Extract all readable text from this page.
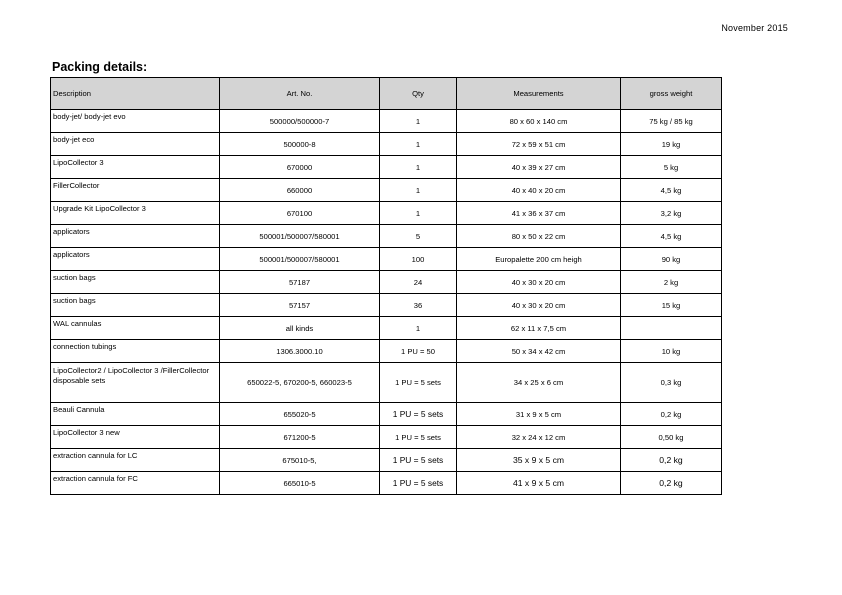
November 2015
Packing details:
Description	Art. No.	Qty	Measurements	gross weight
body-jet/ body-jet evo	500000/500000-7	1	80 x 60 x 140 cm	75 kg / 85 kg
body-jet eco	500000-8	1	72 x 59 x 51 cm	19 kg
LipoCollector 3	670000	1	40 x 39 x 27 cm	5 kg
FillerCollector	660000	1	40 x 40 x 20 cm	4,5 kg
Upgrade Kit LipoCollector 3	670100	1	41 x 36 x 37 cm	3,2 kg
applicators	500001/500007/580001	5	80 x 50 x 22 cm	4,5 kg
applicators	500001/500007/580001	100	Europalette 200 cm heigh	90 kg
suction bags	57187	24	40 x 30 x 20 cm	2 kg
suction bags	57157	36	40 x 30 x 20 cm	15 kg
WAL cannulas	all kinds	1	62 x 11 x 7,5 cm	
connection tubings	1306.3000.10	1 PU = 50	50 x 34 x 42 cm	10 kg
LipoCollector2 / LipoCollector 3 /FillerCollector disposable sets	650022-5, 670200-5, 660023-5	1 PU = 5 sets	34 x 25 x 6 cm	0,3 kg
Beauli Cannula	655020-5	1 PU = 5 sets	31 x 9 x 5 cm	0,2 kg
LipoCollector 3 new	671200-5	1 PU = 5 sets	32 x 24 x 12 cm	0,50 kg
extraction cannula for LC	675010-5,	1 PU = 5 sets	35 x 9 x 5 cm	0,2 kg
extraction cannula for FC	665010-5	1 PU = 5 sets	41 x 9 x 5 cm	0,2 kg
